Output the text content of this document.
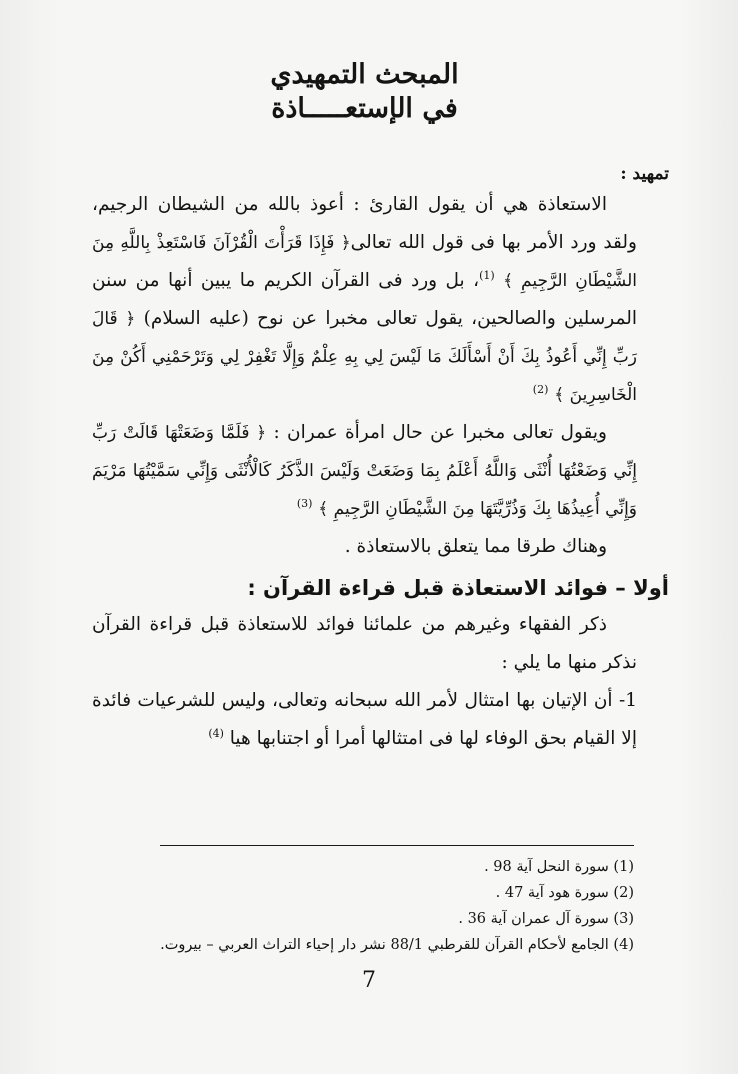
المبحث التمهيدي
في الإستعـــــاذة
تمهيد :

الاستعاذة هي أن يقول القارئ : أعوذ بالله من الشيطان الرجيم، ولقد ورد الأمر بها فى قول الله تعالى﴿ فَإِذَا قَرَأْتَ الْقُرْآنَ فَاسْتَعِذْ بِاللَّهِ مِنَ الشَّيْطَانِ الرَّجِيمِ ﴾ $^{(1)}$، بل ورد فى القرآن الكريم ما يبين أنها من سنن المرسلين والصالحين، يقول تعالى مخبرا عن نوح (عليه السلام) ﴿ قَالَ رَبِّ إِنِّي أَعُوذُ بِكَ أَنْ أَسْأَلَكَ مَا لَيْسَ لِي بِهِ عِلْمٌ وَإِلَّا تَغْفِرْ لِي وَتَرْحَمْنِي أَكُنْ مِنَ الْخَاسِرِينَ ﴾ $^{(2)}$

ويقول تعالى مخبرا عن حال امرأة عمران : ﴿ فَلَمَّا وَضَعَتْهَا قَالَتْ رَبِّ إِنِّي وَضَعْتُهَا أُنْثَى وَاللَّهُ أَعْلَمُ بِمَا وَضَعَتْ وَلَيْسَ الذَّكَرُ كَالْأُنْثَى وَإِنِّي سَمَّيْتُهَا مَرْيَمَ وَإِنِّي أُعِيذُهَا بِكَ وَذُرِّيَّتَهَا مِنَ الشَّيْطَانِ الرَّجِيمِ ﴾ $^{(3)}$

وهناك طرقا مما يتعلق بالاستعاذة .

أولا – فوائد الاستعاذة قبل قراءة القرآن :

ذكر الفقهاء وغيرهم من علمائنا فوائد للاستعاذة قبل قراءة القرآن نذكر منها ما يلي :

1- أن الإتيان بها امتثال لأمر الله سبحانه وتعالى، وليس للشرعيات فائدة إلا القيام بحق الوفاء لها فى امتثالها أمرا أو اجتنابها هيا $^{(4)}$

(1) سورة النحل آية 98 .

(2) سورة هود آية 47 .

(3) سورة آل عمران آية 36 .

(4) الجامع لأحكام القرآن للقرطبي 88/1 نشر دار إحياء التراث العربي – بيروت.

7
